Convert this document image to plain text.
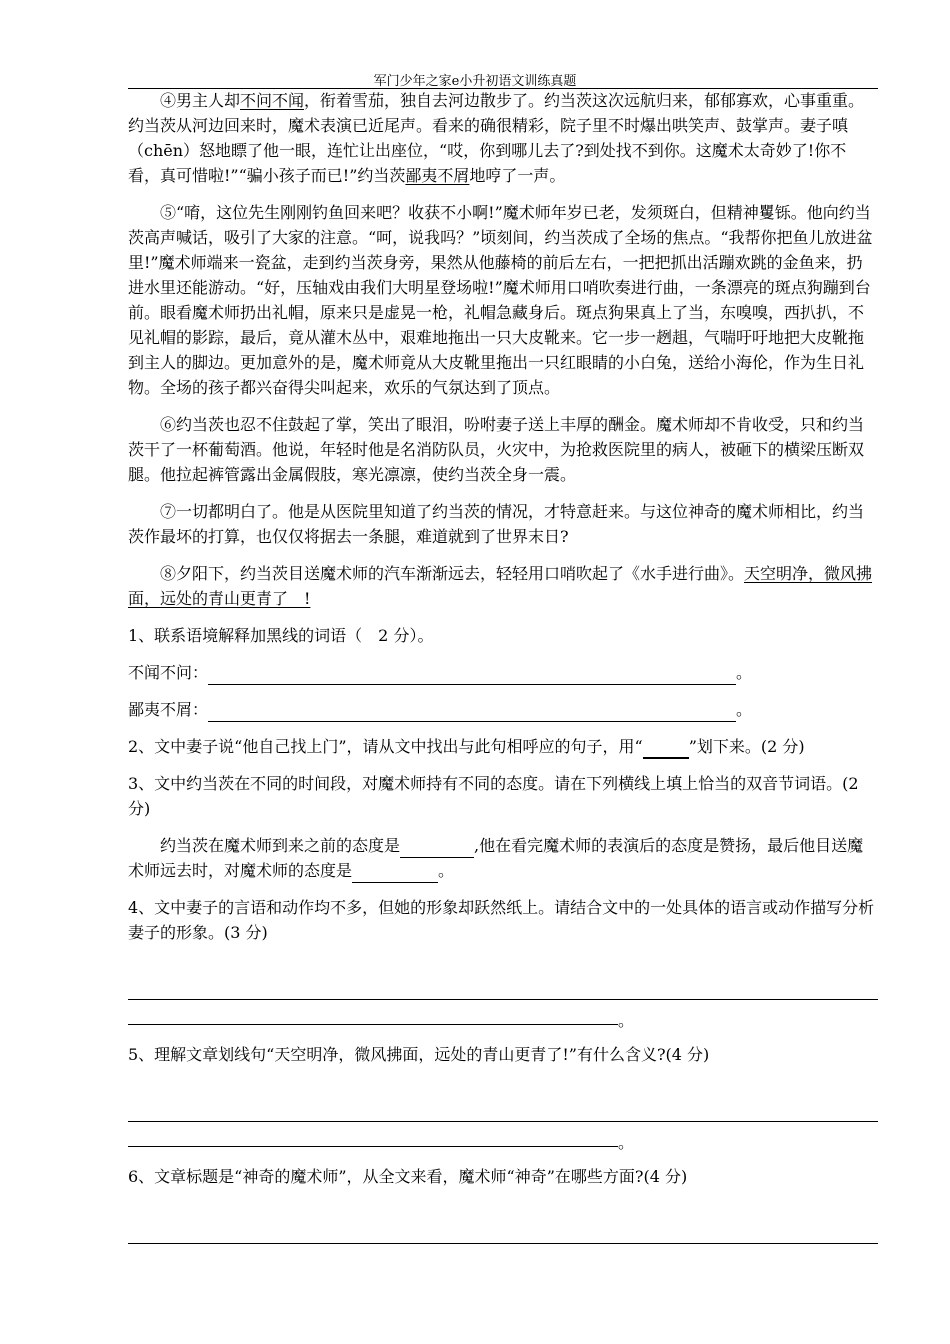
军门少年之家e小升初语文训练真题

④男主人却不问不闻，衔着雪茄，独自去河边散步了。约当茨这次远航归来，郁郁寡欢，心事重重。约当茨从河边回来时，魔术表演已近尾声。看来的确很精彩，院子里不时爆出哄笑声、鼓掌声。妻子嗔（chēn）怒地瞟了他一眼，连忙让出座位，“哎，你到哪儿去了?到处找不到你。这魔术太奇妙了!你不看，真可惜啦!”“骗小孩子而已!”约当茨鄙夷不屑地哼了一声。

⑤“唷，这位先生刚刚钓鱼回来吧？收获不小啊!”魔术师年岁已老，发须斑白，但精神矍铄。他向约当茨高声喊话，吸引了大家的注意。“呵，说我吗？”顷刻间，约当茨成了全场的焦点。“我帮你把鱼儿放进盆里!”魔术师端来一瓷盆，走到约当茨身旁，果然从他藤椅的前后左右，一把把抓出活蹦欢跳的金鱼来，扔进水里还能游动。“好，压轴戏由我们大明星登场啦!”魔术师用口哨吹奏进行曲，一条漂亮的斑点狗蹦到台前。眼看魔术师扔出礼帽，原来只是虚晃一枪，礼帽急藏身后。斑点狗果真上了当，东嗅嗅，西扒扒，不见礼帽的影踪，最后，竟从灌木丛中，艰难地拖出一只大皮靴来。它一步一趔趄，气喘吁吁地把大皮靴拖到主人的脚边。更加意外的是，魔术师竟从大皮靴里拖出一只红眼睛的小白兔，送给小海伦，作为生日礼物。全场的孩子都兴奋得尖叫起来，欢乐的气氛达到了顶点。

⑥约当茨也忍不住鼓起了掌，笑出了眼泪，吩咐妻子送上丰厚的酬金。魔术师却不肯收受，只和约当茨干了一杯葡萄酒。他说，年轻时他是名消防队员，火灾中，为抢救医院里的病人，被砸下的横梁压断双腿。他拉起裤管露出金属假肢，寒光凛凛，使约当茨全身一震。

⑦一切都明白了。他是从医院里知道了约当茨的情况，才特意赶来。与这位神奇的魔术师相比，约当茨作最坏的打算，也仅仅将据去一条腿，难道就到了世界末日?

⑧夕阳下，约当茨目送魔术师的汽车渐渐远去，轻轻用口哨吹起了《水手进行曲》。天空明净，微风拂面，远处的青山更青了　!

1、联系语境解释加黑线的词语（　2 分）。

不闻不问：	。

鄙夷不屑：	。

2、文中妻子说“他自己找上门”，请从文中找出与此句相呼应的句子，用“	”划下来。(2 分)

3、文中约当茨在不同的时间段，对魔术师持有不同的态度。请在下列横线上填上恰当的双音节词语。(2 分)

约当茨在魔术师到来之前的态度是	,他在看完魔术师的表演后的态度是赞扬，最后他目送魔术师远去时，对魔术师的态度是	。

4、文中妻子的言语和动作均不多，但她的形象却跃然纸上。请结合文中的一处具体的语言或动作描写分析妻子的形象。(3 分)

。

5、理解文章划线句“天空明净，微风拂面，远处的青山更青了!”有什么含义?(4 分)

。

6、文章标题是“神奇的魔术师”，从全文来看，魔术师“神奇”在哪些方面?(4 分)
